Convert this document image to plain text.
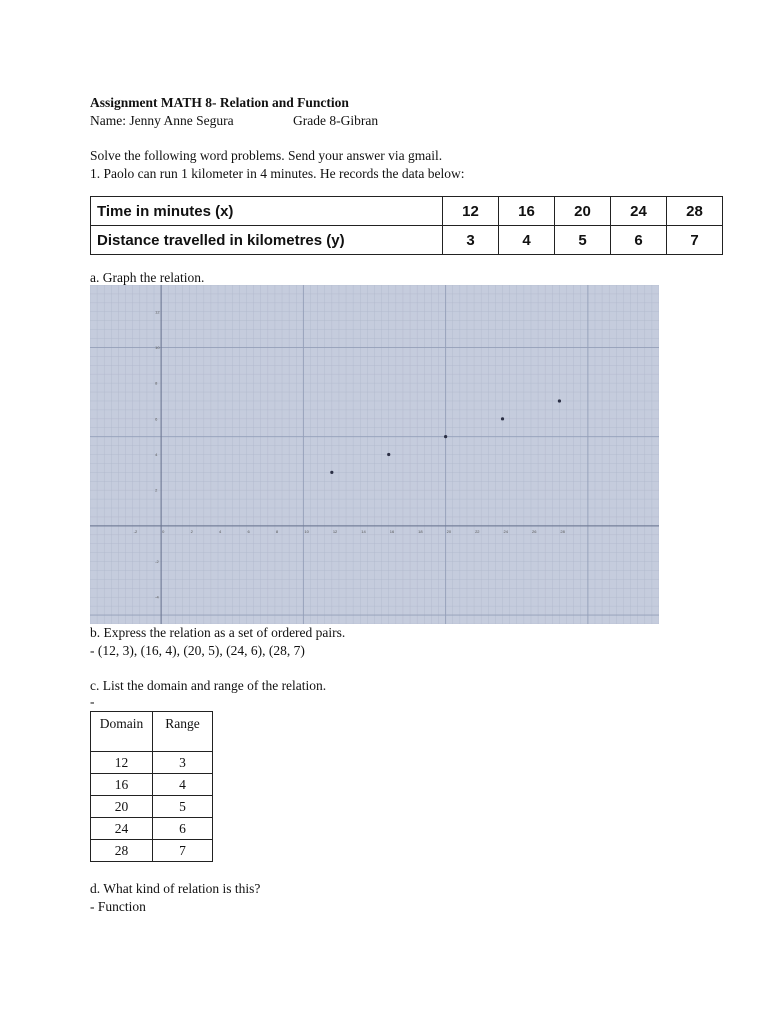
Assignment MATH 8- Relation and Function
Name: Jenny Anne Segura	Grade 8-Gibran
Solve the following word problems. Send your answer via gmail.
1. Paolo can run 1 kilometer in 4 minutes. He records the data below:
Time in minutes (x)	12	16	20	24	28
Distance travelled in kilometres (y)	3	4	5	6	7
a. Graph the relation.
-2	0	2	4	6	8	10	12	14	16	18	20	22	24	26	28
-4
-2
2
4
6
8
10
12
b. Express the relation as a set of ordered pairs.
- (12, 3), (16, 4), (20, 5), (24, 6), (28, 7)
c. List the domain and range of the relation.
-
Domain	Range
12	3
16	4
20	5
24	6
28	7
d. What kind of relation is this?
- Function
